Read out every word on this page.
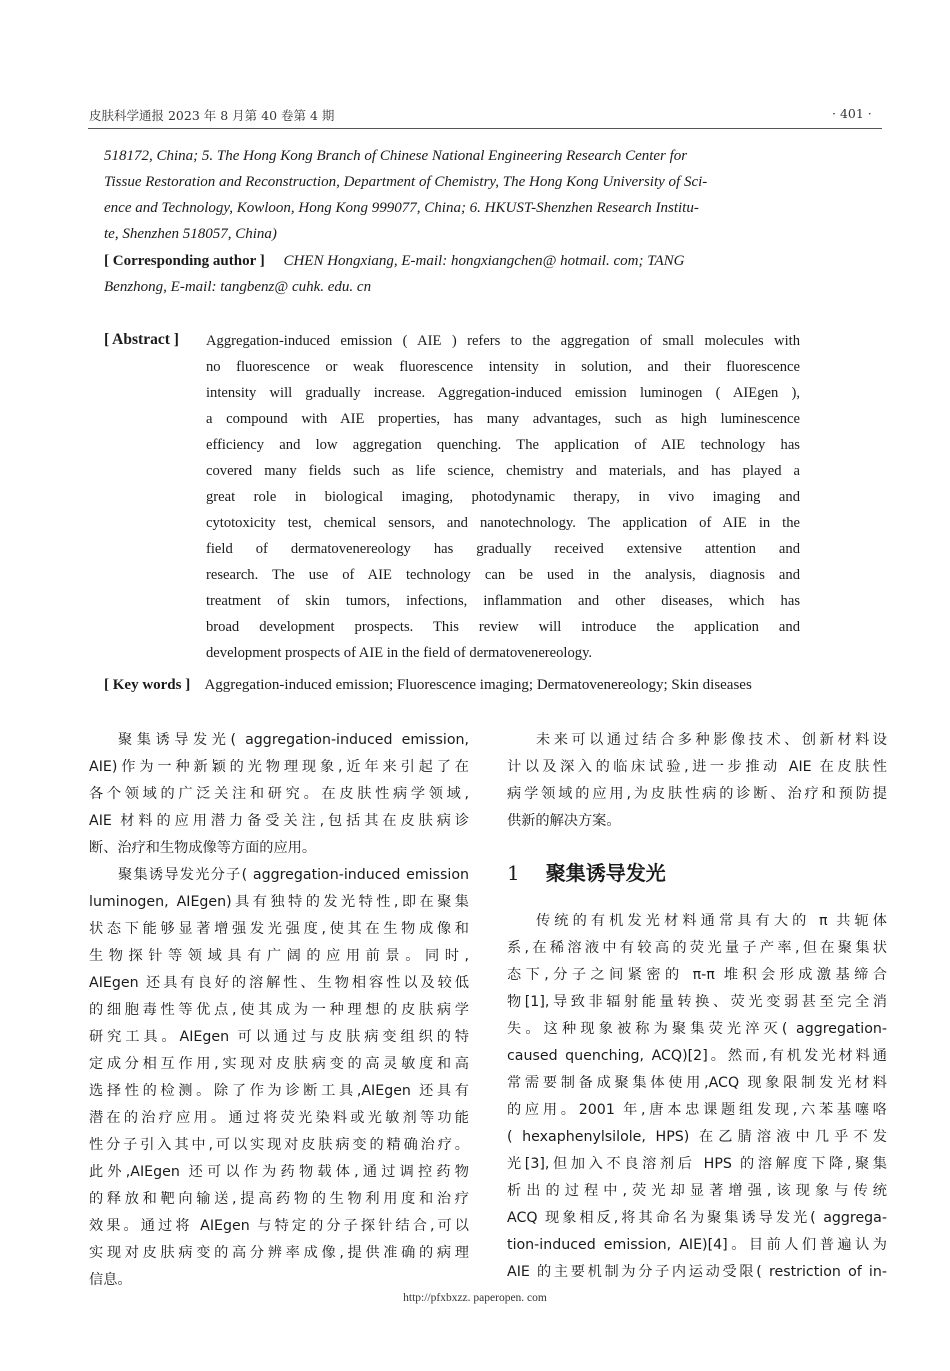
皮肤科学通报 2023 年 8 月第 40 卷第 4 期	· 401 ·
518172, China; 5. The Hong Kong Branch of Chinese National Engineering Research Center for
Tissue Restoration and Reconstruction, Department of Chemistry, The Hong Kong University of Sci-
ence and Technology, Kowloon, Hong Kong 999077, China; 6. HKUST-Shenzhen Research Institu-
te, Shenzhen 518057, China)
[ Corresponding author ] CHEN Hongxiang, E-mail: hongxiangchen@ hotmail. com; TANG
Benzhong, E-mail: tangbenz@ cuhk. edu. cn
[ Abstract ] Aggregation-induced emission ( AIE ) refers to the aggregation of small molecules with
no fluorescence or weak fluorescence intensity in solution, and their fluorescence
intensity will gradually increase. Aggregation-induced emission luminogen ( AIEgen ),
a compound with AIE properties, has many advantages, such as high luminescence
efficiency and low aggregation quenching. The application of AIE technology has
covered many fields such as life science, chemistry and materials, and has played a
great role in biological imaging, photodynamic therapy, in vivo imaging and
cytotoxicity test, chemical sensors, and nanotechnology. The application of AIE in the
field of dermatovenereology has gradually received extensive attention and
research. The use of AIE technology can be used in the analysis, diagnosis and
treatment of skin tumors, infections, inflammation and other diseases, which has
broad development prospects. This review will introduce the application and
development prospects of AIE in the field of dermatovenereology.
[ Key words ] Aggregation-induced emission; Fluorescence imaging; Dermatovenereology; Skin diseases
聚集诱导发光( aggregation-induced emission,
AIE)作为一种新颖的光物理现象,近年来引起了在
各个领域的广泛关注和研究。在皮肤性病学领域,
AIE 材料的应用潜力备受关注,包括其在皮肤病诊
断、治疗和生物成像等方面的应用。
聚集诱导发光分子( aggregation-induced emission
luminogen, AIEgen)具有独特的发光特性,即在聚集
状态下能够显著增强发光强度,使其在生物成像和
生物探针等领域具有广阔的应用前景。同时,
AIEgen 还具有良好的溶解性、生物相容性以及较低
的细胞毒性等优点,使其成为一种理想的皮肤病学
研究工具。AIEgen 可以通过与皮肤病变组织的特
定成分相互作用,实现对皮肤病变的高灵敏度和高
选择性的检测。除了作为诊断工具,AIEgen 还具有
潜在的治疗应用。通过将荧光染料或光敏剂等功能
性分子引入其中,可以实现对皮肤病变的精确治疗。
此外,AIEgen 还可以作为药物载体,通过调控药物
的释放和靶向输送,提高药物的生物利用度和治疗
效果。通过将 AIEgen 与特定的分子探针结合,可以
实现对皮肤病变的高分辨率成像,提供准确的病理
信息。
未来可以通过结合多种影像技术、创新材料设
计以及深入的临床试验,进一步推动 AIE 在皮肤性
病学领域的应用,为皮肤性病的诊断、治疗和预防提
供新的解决方案。
1 聚集诱导发光
传统的有机发光材料通常具有大的 π 共轭体
系,在稀溶液中有较高的荧光量子产率,但在聚集状
态下,分子之间紧密的 π-π 堆积会形成激基缔合
物[1],导致非辐射能量转换、荧光变弱甚至完全消
失。这种现象被称为聚集荧光淬灭( aggregation-
caused quenching, ACQ)[2]。然而,有机发光材料通
常需要制备成聚集体使用,ACQ 现象限制发光材料
的应用。2001 年,唐本忠课题组发现,六苯基噻咯
( hexaphenylsilole, HPS) 在乙腈溶液中几乎不发
光[3],但加入不良溶剂后 HPS 的溶解度下降,聚集
析出的过程中,荧光却显著增强,该现象与传统
ACQ 现象相反,将其命名为聚集诱导发光( aggrega-
tion-induced emission, AIE)[4]。目前人们普遍认为
AIE 的主要机制为分子内运动受限( restriction of in-
http://pfxbxzz. paperopen. com
